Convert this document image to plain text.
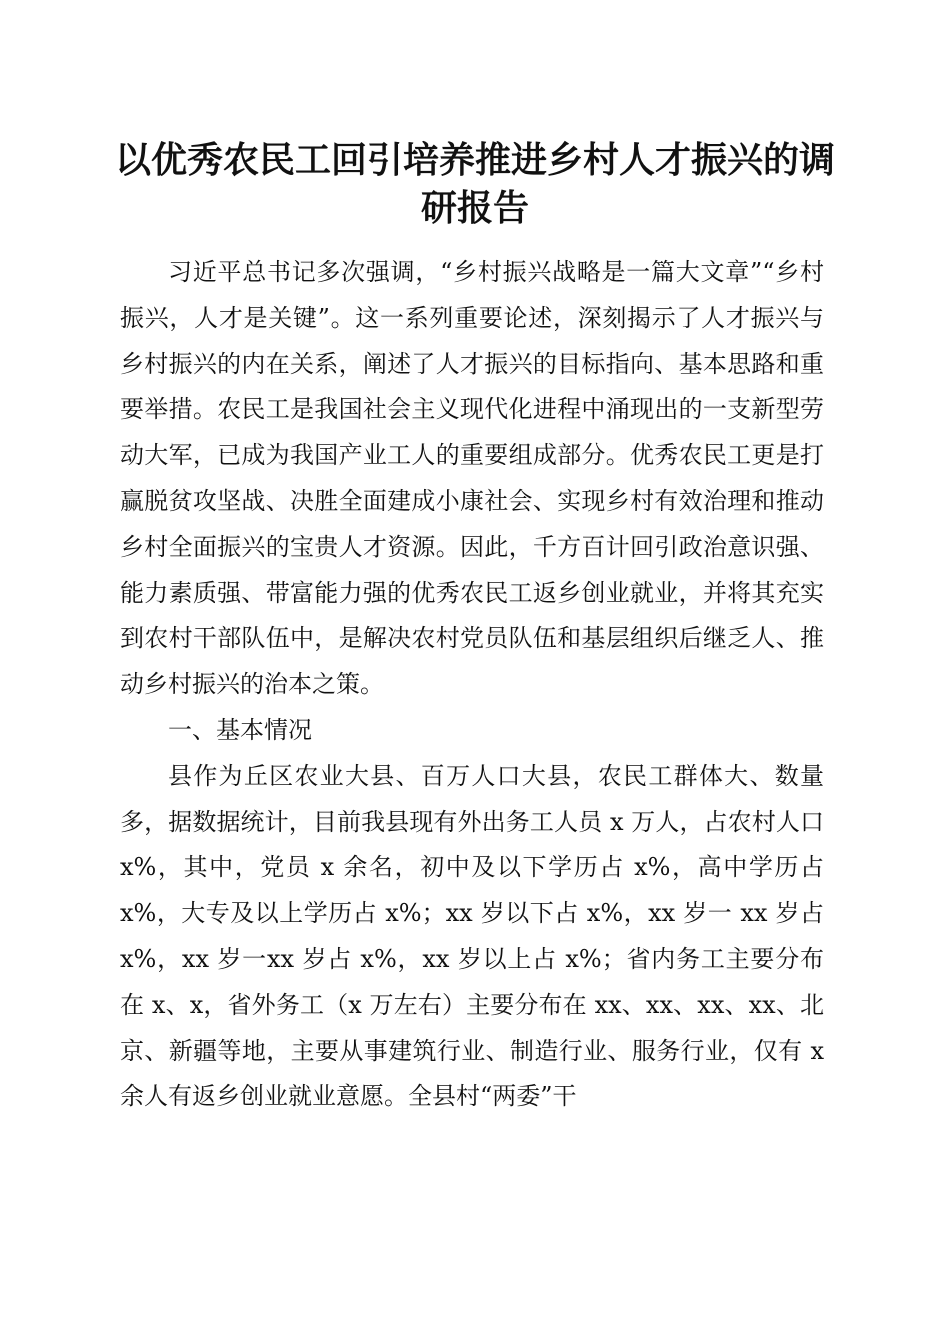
以优秀农民工回引培养推进乡村人才振兴的调研报告

习近平总书记多次强调，“乡村振兴战略是一篇大文章”“乡村振兴，人才是关键”。这一系列重要论述，深刻揭示了人才振兴与乡村振兴的内在关系，阐述了人才振兴的目标指向、基本思路和重要举措。农民工是我国社会主义现代化进程中涌现出的一支新型劳动大军，已成为我国产业工人的重要组成部分。优秀农民工更是打赢脱贫攻坚战、决胜全面建成小康社会、实现乡村有效治理和推动乡村全面振兴的宝贵人才资源。因此，千方百计回引政治意识强、能力素质强、带富能力强的优秀农民工返乡创业就业，并将其充实到农村干部队伍中，是解决农村党员队伍和基层组织后继乏人、推动乡村振兴的治本之策。

一、基本情况

县作为丘区农业大县、百万人口大县，农民工群体大、数量多，据数据统计，目前我县现有外出务工人员 x 万人，占农村人口 x%，其中，党员 x 余名，初中及以下学历占 x%，高中学历占 x%，大专及以上学历占 x%；xx 岁以下占 x%，xx 岁一 xx 岁占 x%，xx 岁一xx 岁占 x%，xx 岁以上占 x%；省内务工主要分布在 x、x，省外务工（x 万左右）主要分布在 xx、xx、xx、xx、北京、新疆等地，主要从事建筑行业、制造行业、服务行业，仅有 x 余人有返乡创业就业意愿。全县村“两委”干
